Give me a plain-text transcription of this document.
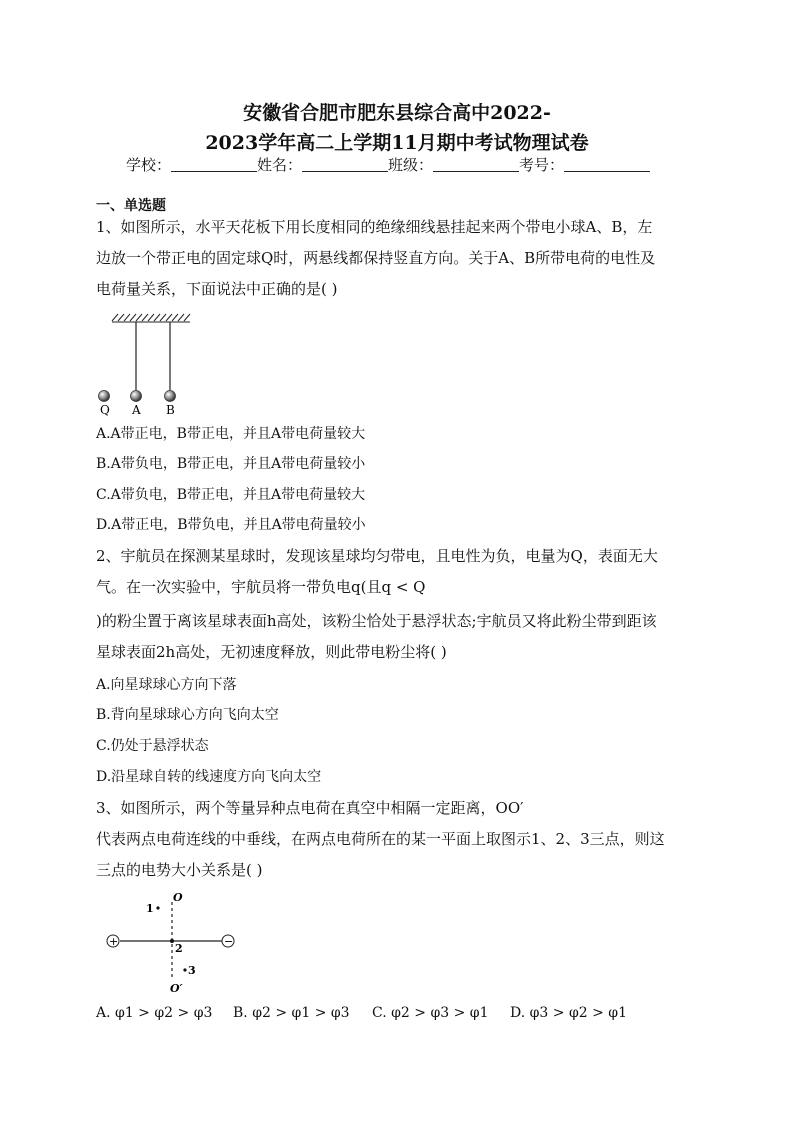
安徽省合肥市肥东县综合高中2022-
2023学年高二上学期11月期中考试物理试卷
学校：	姓名：	班级：	考号：
一、单选题
1、如图所示，水平天花板下用长度相同的绝缘细线悬挂起来两个带电小球A、B，左
边放一个带正电的固定球Q时，两悬线都保持竖直方向。关于A、B所带电荷的电性及
电荷量关系，下面说法中正确的是( )
Q A B
A.A带正电，B带正电，并且A带电荷量较大
B.A带负电，B带正电，并且A带电荷量较小
C.A带负电，B带正电，并且A带电荷量较大
D.A带正电，B带负电，并且A带电荷量较小
2、宇航员在探测某星球时，发现该星球均匀带电，且电性为负，电量为Q，表面无大
气。在一次实验中，宇航员将一带负电q(且q < Q
)的粉尘置于离该星球表面h高处，该粉尘恰处于悬浮状态;宇航员又将此粉尘带到距该
星球表面2h高处，无初速度释放，则此带电粉尘将( )
A.向星球球心方向下落
B.背向星球球心方向飞向太空
C.仍处于悬浮状态
D.沿星球自转的线速度方向飞向太空
3、如图所示，两个等量异种点电荷在真空中相隔一定距离，OO′
代表两点电荷连线的中垂线，在两点电荷所在的某一平面上取图示1、2、3三点，则这
三点的电势大小关系是( )
+	−
O
O′
1
2
3
A. φ1 > φ2 > φ3 B. φ2 > φ1 > φ3 C. φ2 > φ3 > φ1 D. φ3 > φ2 > φ1
